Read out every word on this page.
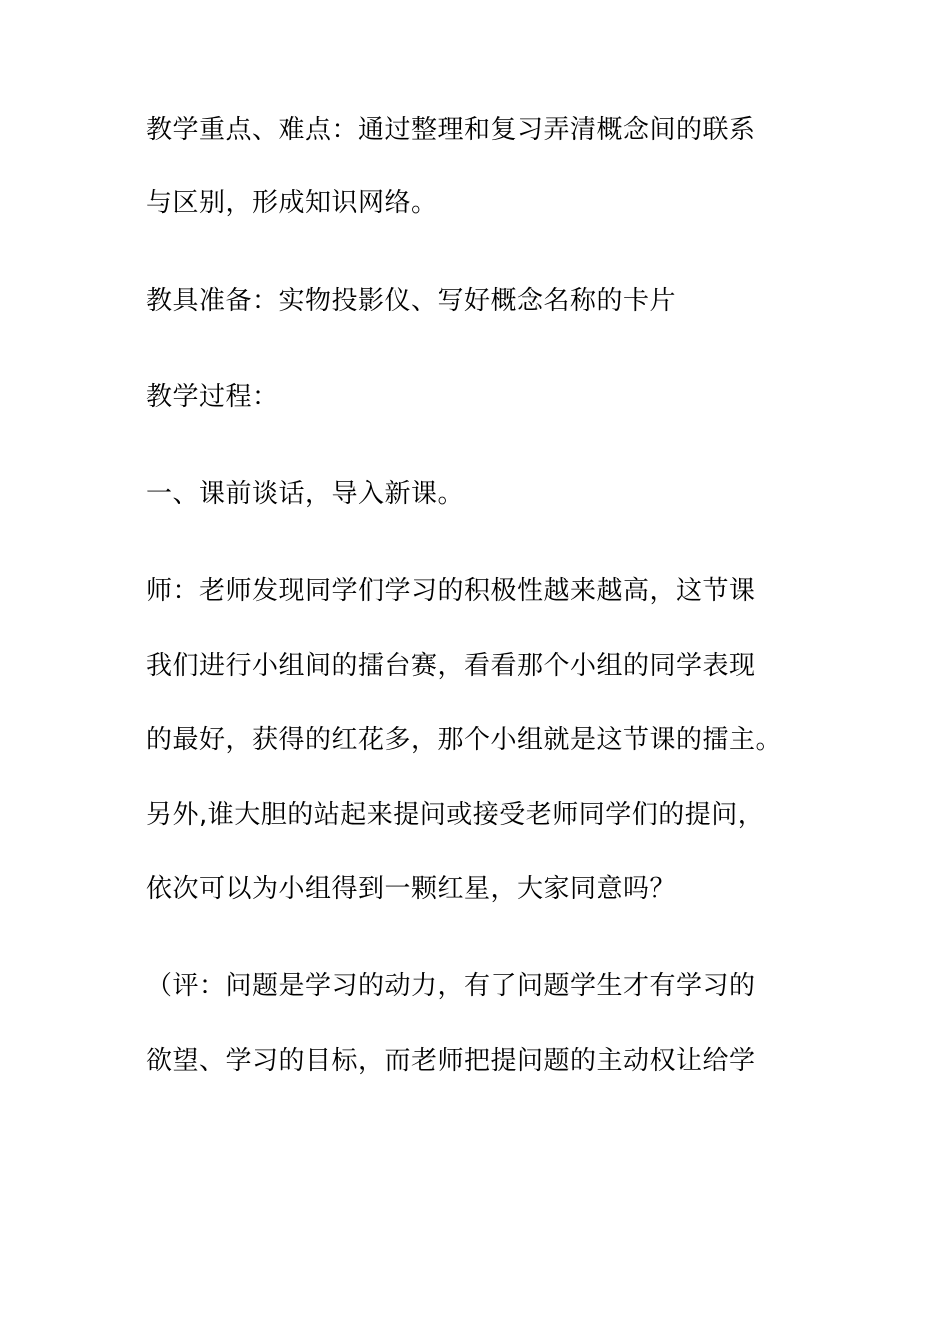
教学重点、难点：通过整理和复习弄清概念间的联系
与区别，形成知识网络。
教具准备：实物投影仪、写好概念名称的卡片
教学过程：
一、课前谈话，导入新课。
师：老师发现同学们学习的积极性越来越高，这节课
我们进行小组间的擂台赛，看看那个小组的同学表现
的最好，获得的红花多，那个小组就是这节课的擂主。
另外,谁大胆的站起来提问或接受老师同学们的提问，
依次可以为小组得到一颗红星，大家同意吗？
（评：问题是学习的动力，有了问题学生才有学习的
欲望、学习的目标，而老师把提问题的主动权让给学
